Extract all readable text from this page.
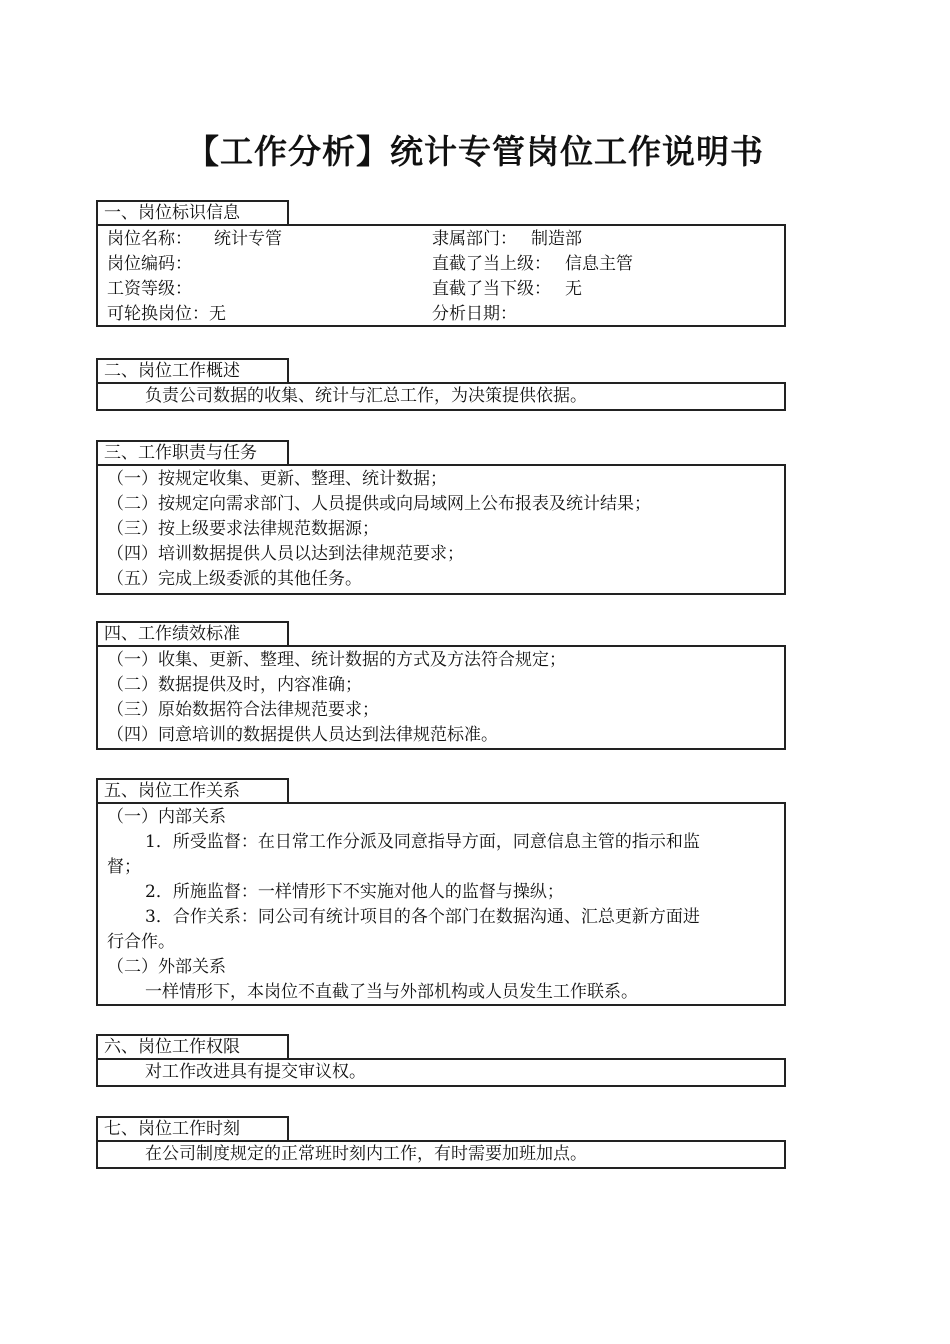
【工作分析】统计专管岗位工作说明书
一、岗位标识信息
岗位名称： 统计专管	隶属部门： 制造部
岗位编码：	直截了当上级： 信息主管
工资等级：	直截了当下级： 无
可轮换岗位：无	分析日期：
二、岗位工作概述
负责公司数据的收集、统计与汇总工作，为决策提供依据。
三、工作职责与任务
（一）按规定收集、更新、整理、统计数据；
（二）按规定向需求部门、人员提供或向局域网上公布报表及统计结果；
（三）按上级要求法律规范数据源；
（四）培训数据提供人员以达到法律规范要求；
（五）完成上级委派的其他任务。
四、工作绩效标准
（一）收集、更新、整理、统计数据的方式及方法符合规定；
（二）数据提供及时，内容准确；
（三）原始数据符合法律规范要求；
（四）同意培训的数据提供人员达到法律规范标准。
五、岗位工作关系
（一）内部关系
1．所受监督：在日常工作分派及同意指导方面，同意信息主管的指示和监
督；
2．所施监督：一样情形下不实施对他人的监督与操纵；
3．合作关系：同公司有统计项目的各个部门在数据沟通、汇总更新方面进
行合作。
（二）外部关系
一样情形下，本岗位不直截了当与外部机构或人员发生工作联系。
六、岗位工作权限
对工作改进具有提交审议权。
七、岗位工作时刻
在公司制度规定的正常班时刻内工作，有时需要加班加点。
